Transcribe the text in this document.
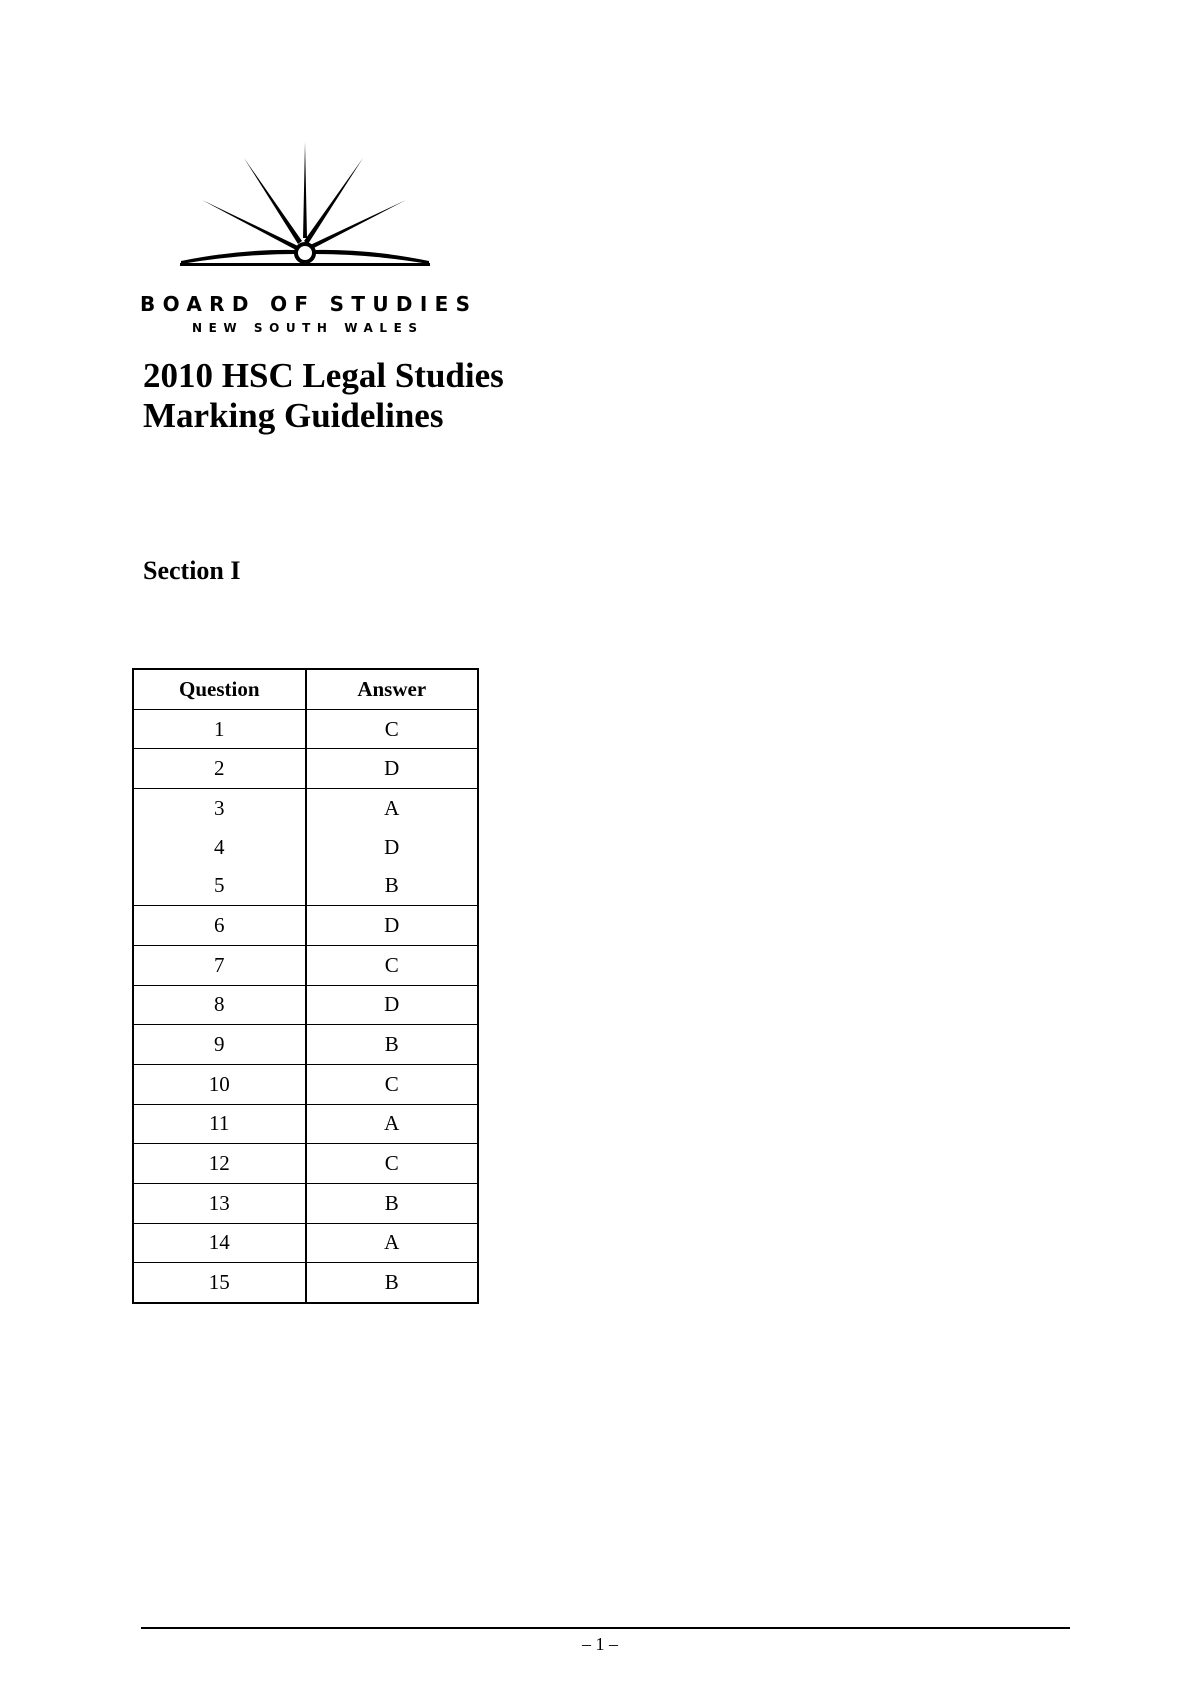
BOARD OF STUDIES
NEW SOUTH WALES
2010 HSC Legal Studies
Marking Guidelines
Section I
Question	Answer
1	C
2	D
3	A
4	D
5	B
6	D
7	C
8	D
9	B
10	C
11	A
12	C
13	B
14	A
15	B
– 1 –
